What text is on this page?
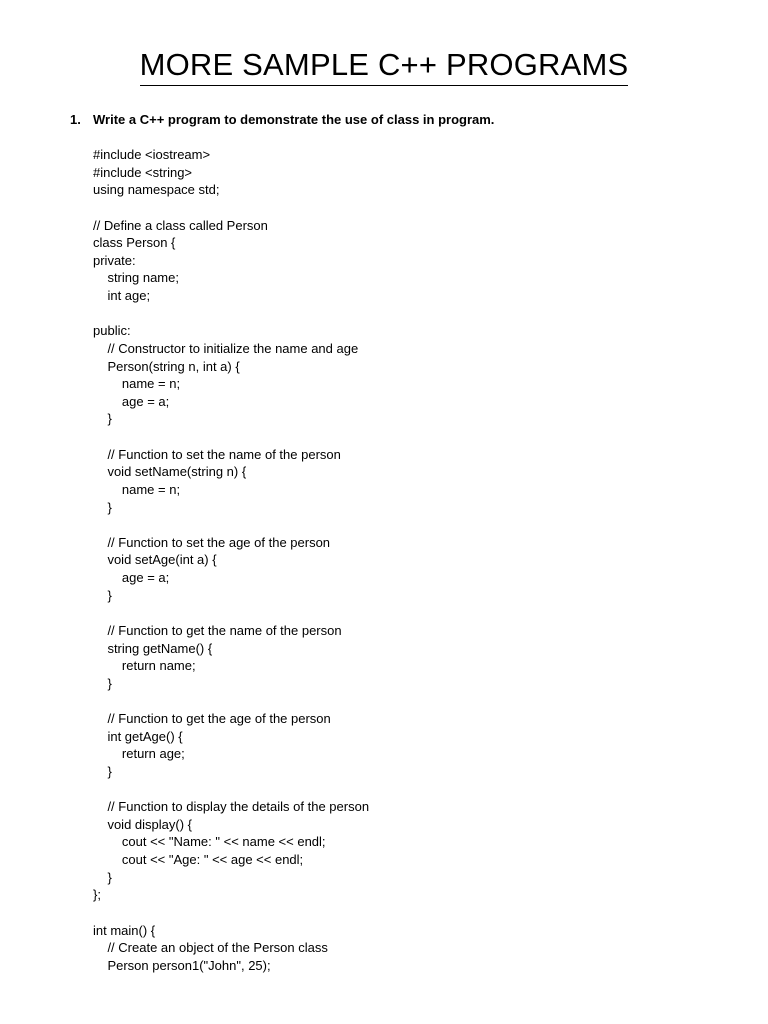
MORE SAMPLE C++ PROGRAMS
1. Write a C++ program to demonstrate the use of class in program.
#include <iostream>
#include <string>
using namespace std;
// Define a class called Person
class Person {
private:
string name;
int age;
public:
// Constructor to initialize the name and age
Person(string n, int a) {
name = n;
age = a;
}
// Function to set the name of the person
void setName(string n) {
name = n;
}
// Function to set the age of the person
void setAge(int a) {
age = a;
}
// Function to get the name of the person
string getName() {
return name;
}
// Function to get the age of the person
int getAge() {
return age;
}
// Function to display the details of the person
void display() {
cout << "Name: " << name << endl;
cout << "Age: " << age << endl;
}
};
int main() {
// Create an object of the Person class
Person person1("John", 25);
